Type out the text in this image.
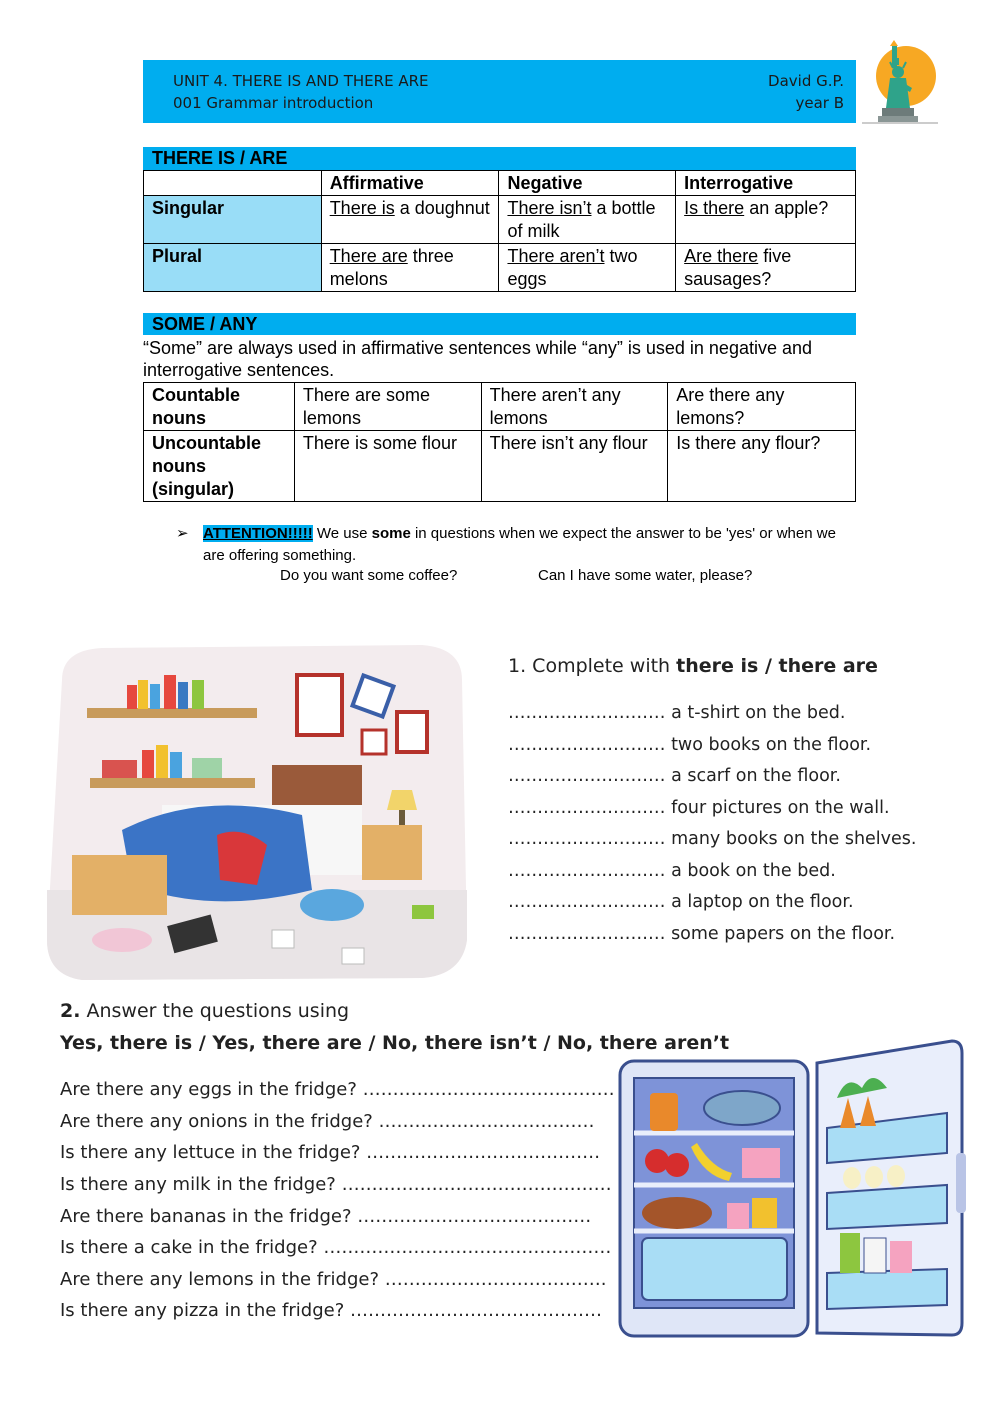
UNIT 4. THERE IS AND THERE ARE
001 Grammar introduction
David G.P.
year B
THERE IS / ARE
	Affirmative	Negative	Interrogative
Singular	There is a doughnut	There isn’t a bottle of milk	Is there an apple?
Plural	There are three melons	There aren’t two eggs	Are there five sausages?
SOME / ANY
“Some” are always used in affirmative sentences while “any” is used in negative and interrogative sentences.
Countable nouns	There are some lemons	There aren’t any lemons	Are there any lemons?
Uncountable nouns (singular)	There is some flour	There isn’t any flour	Is there any flour?
➢ ATTENTION!!!!! We use some in questions when we expect the answer to be 'yes' or when we are offering something.
Do you want some coffee?	Can I have some water, please?
1. Complete with there is / there are
……………………… a t-shirt on the bed.
……………………… two books on the floor.
……………………… a scarf on the floor.
……………………… four pictures on the wall.
……………………… many books on the shelves.
……………………… a book on the bed.
……………………… a laptop on the floor.
……………………… some papers on the floor.
2. Answer the questions using
Yes, there is / Yes, there are / No, there isn’t / No, there aren’t
Are there any eggs in the fridge? ……………………………………
Are there any onions in the fridge? ………………………………
Is there any lettuce in the fridge? …………………………………
Is there any milk in the fridge? ………………………………………
Are there bananas in the fridge? …………………………………
Is there a cake in the fridge? …………………………………………
Are there any lemons in the fridge? ……………………………….
Is there any pizza in the fridge? ……………………………………
